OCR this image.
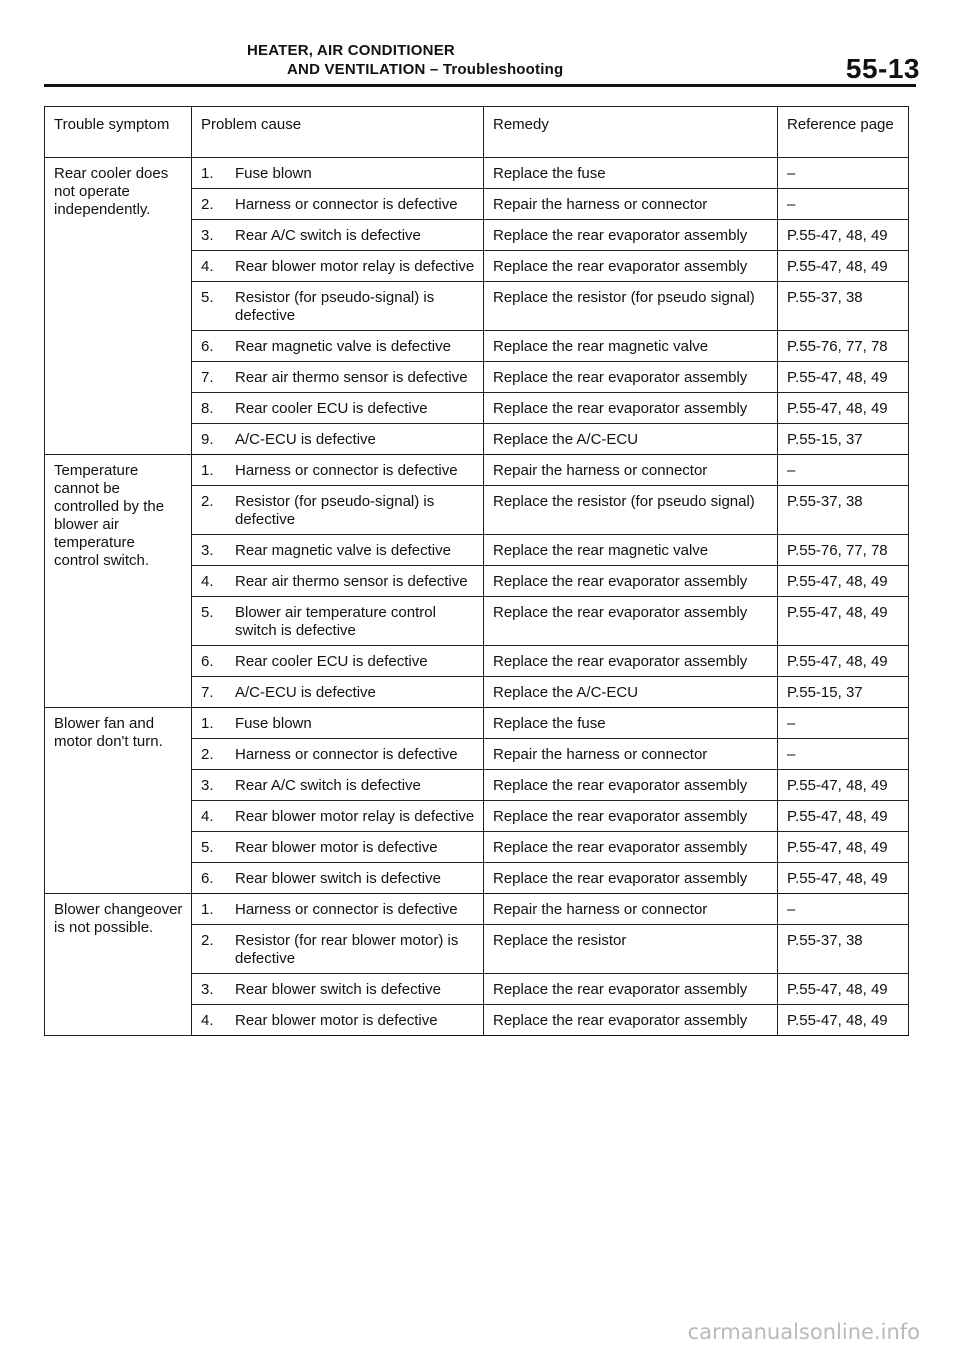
HEATER, AIR CONDITIONER
AND VENTILATION – Troubleshooting	55-13
Trouble symptom	Problem cause	Remedy	Reference page
Rear cooler does not operate independently.	1. Fuse blown	Replace the fuse	–

	2. Harness or connector is defective	Repair the harness or connector	–

	3. Rear A/C switch is defective	Replace the rear evaporator assembly	P.55-47, 48, 49

	4. Rear blower motor relay is defective	Replace the rear evaporator assembly	P.55-47, 48, 49

	5. Resistor (for pseudo-signal) is defective	Replace the resistor (for pseudo signal)	P.55-37, 38

	6. Rear magnetic valve is defective	Replace the rear magnetic valve	P.55-76, 77, 78

	7. Rear air thermo sensor is defective	Replace the rear evaporator assembly	P.55-47, 48, 49

	8. Rear cooler ECU is defective	Replace the rear evaporator assembly	P.55-47, 48, 49

	9. A/C-ECU is defective	Replace the A/C-ECU	P.55-15, 37
Temperature cannot be controlled by the blower air temperature control switch.	1. Harness or connector is defective	Repair the harness or connector	–

	2. Resistor (for pseudo-signal) is defective	Replace the resistor (for pseudo signal)	P.55-37, 38

	3. Rear magnetic valve is defective	Replace the rear magnetic valve	P.55-76, 77, 78

	4. Rear air thermo sensor is defective	Replace the rear evaporator assembly	P.55-47, 48, 49

	5. Blower air temperature control switch is defective	Replace the rear evaporator assembly	P.55-47, 48, 49

	6. Rear cooler ECU is defective	Replace the rear evaporator assembly	P.55-47, 48, 49

	7. A/C-ECU is defective	Replace the A/C-ECU	P.55-15, 37
Blower fan and motor don't turn.	1. Fuse blown	Replace the fuse	–

	2. Harness or connector is defective	Repair the harness or connector	–

	3. Rear A/C switch is defective	Replace the rear evaporator assembly	P.55-47, 48, 49

	4. Rear blower motor relay is defective	Replace the rear evaporator assembly	P.55-47, 48, 49

	5. Rear blower motor is defective	Replace the rear evaporator assembly	P.55-47, 48, 49

	6. Rear blower switch is defective	Replace the rear evaporator assembly	P.55-47, 48, 49
Blower changeover is not possible.	1. Harness or connector is defective	Repair the harness or connector	–

	2. Resistor (for rear blower motor) is defective	Replace the resistor	P.55-37, 38

	3. Rear blower switch is defective	Replace the rear evaporator assembly	P.55-47, 48, 49

	4. Rear blower motor is defective	Replace the rear evaporator assembly	P.55-47, 48, 49
carmanualsonline.info
